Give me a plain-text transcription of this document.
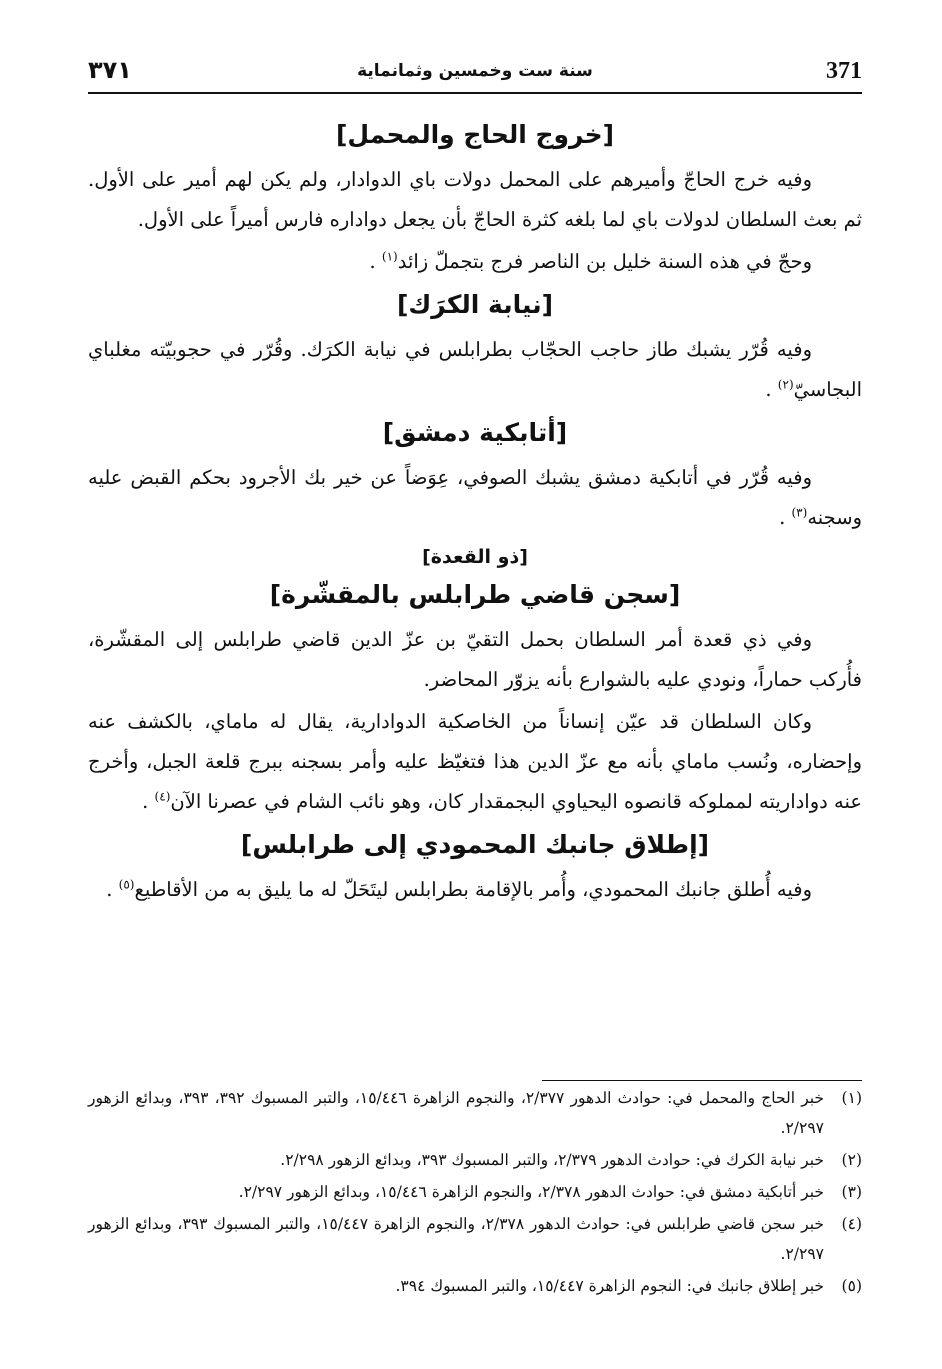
371
سنة ست وخمسين وثمانماية
٣٧١
[خروج الحاج والمحمل]

وفيه خرج الحاجّ وأميرهم على المحمل دولات باي الدوادار، ولم يكن لهم أمير على الأول. ثم بعث السلطان لدولات باي لما بلغه كثرة الحاجّ بأن يجعل دواداره فارس أميراً على الأول.

وحجّ في هذه السنة خليل بن الناصر فرج بتجملّ زائد$^{(١)}$ .

[نيابة الكرَك]

وفيه قُرّر يشبك طاز حاجب الحجّاب بطرابلس في نيابة الكرَك. وقُرّر في حجوبيّته مغلباي البجاسيّ$^{(٢)}$ .

[أتابكية دمشق]

وفيه قُرّر في أتابكية دمشق يشبك الصوفي، عِوَضاً عن خير بك الأجرود بحكم القبض عليه وسجنه$^{(٣)}$ .

[ذو القعدة]
[سجن قاضي طرابلس بالمقشّرة]

وفي ذي قعدة أمر السلطان بحمل التقيّ بن عزّ الدين قاضي طرابلس إلى المقشّرة، فأُركب حماراً، ونودي عليه بالشوارع بأنه يزوّر المحاضر.

وكان السلطان قد عيّن إنساناً من الخاصكية الدوادارية، يقال له ماماي، بالكشف عنه وإحضاره، ونُسب ماماي بأنه مع عزّ الدين هذا فتغيّظ عليه وأمر بسجنه ببرج قلعة الجبل، وأخرج عنه دواداريته لمملوكه قانصوه اليحياوي البجمقدار كان، وهو نائب الشام في عصرنا الآن$^{(٤)}$ .

[إطلاق جانبك المحمودي إلى طرابلس]

وفيه أُطلق جانبك المحمودي، وأُمر بالإقامة بطرابلس ليتَحَلّ له ما يليق به من الأقاطيع$^{(٥)}$ .

(١)
خبر الحاج والمحمل في: حوادث الدهور ٢/٣٧٧، والنجوم الزاهرة ١٥/٤٤٦، والتبر المسبوك ٣٩٢، ٣٩٣، وبدائع الزهور ٢/٢٩٧.
(٢)
خبر نيابة الكرك في: حوادث الدهور ٢/٣٧٩، والتبر المسبوك ٣٩٣، وبدائع الزهور ٢/٢٩٨.
(٣)
خبر أتابكية دمشق في: حوادث الدهور ٢/٣٧٨، والنجوم الزاهرة ١٥/٤٤٦، وبدائع الزهور ٢/٢٩٧.
(٤)
خبر سجن قاضي طرابلس في: حوادث الدهور ٢/٣٧٨، والنجوم الزاهرة ١٥/٤٤٧، والتبر المسبوك ٣٩٣، وبدائع الزهور ٢/٢٩٧.
(٥)
خبر إطلاق جانبك في: النجوم الزاهرة ١٥/٤٤٧، والتبر المسبوك ٣٩٤.
